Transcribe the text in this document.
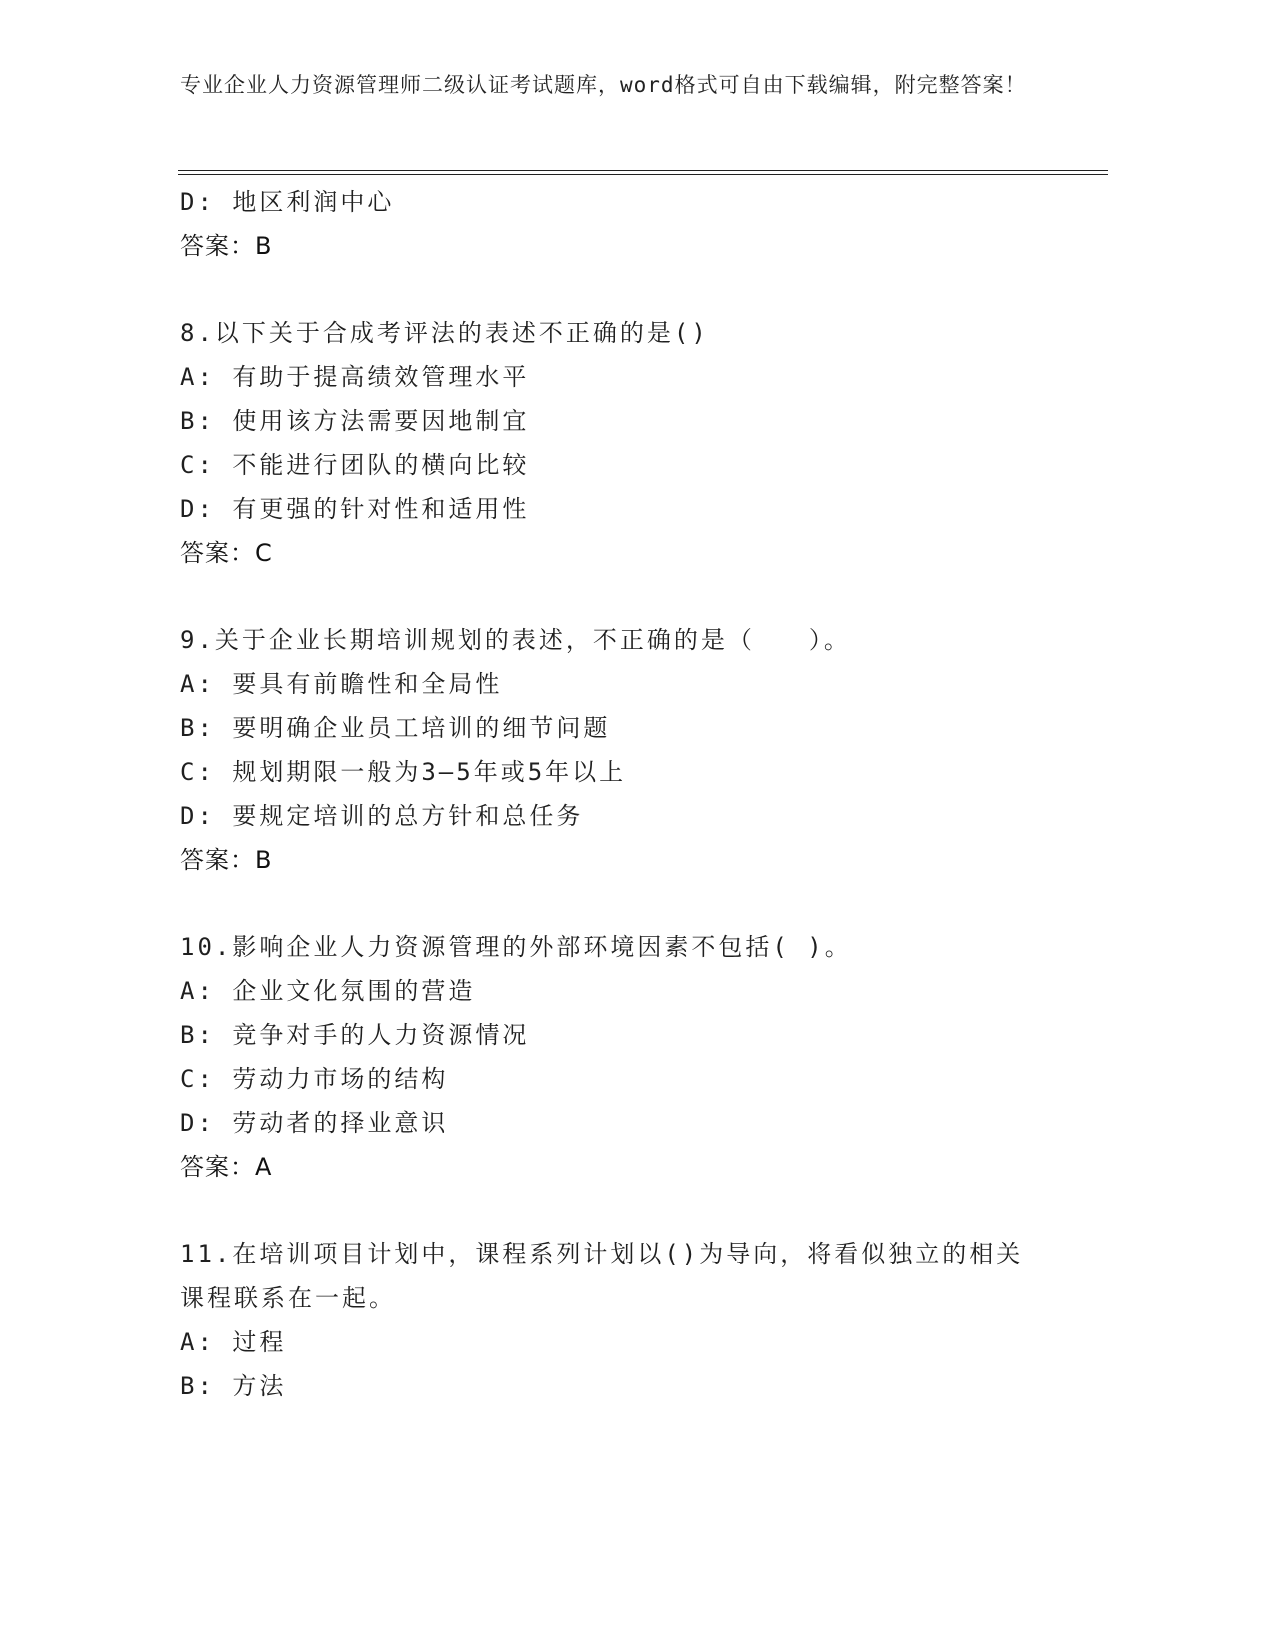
专业企业人力资源管理师二级认证考试题库，word格式可自由下载编辑，附完整答案！
D: 地区利润中心
答案：B
8.以下关于合成考评法的表述不正确的是()
A: 有助于提高绩效管理水平
B: 使用该方法需要因地制宜
C: 不能进行团队的横向比较
D: 有更强的针对性和适用性
答案：C
9.关于企业长期培训规划的表述，不正确的是（　　）。
A: 要具有前瞻性和全局性
B: 要明确企业员工培训的细节问题
C: 规划期限一般为3—5年或5年以上
D: 要规定培训的总方针和总任务
答案：B
10.影响企业人力资源管理的外部环境因素不包括( )。
A: 企业文化氛围的营造
B: 竞争对手的人力资源情况
C: 劳动力市场的结构
D: 劳动者的择业意识
答案：A
11.在培训项目计划中，课程系列计划以()为导向，将看似独立的相关
课程联系在一起。
A: 过程
B: 方法
